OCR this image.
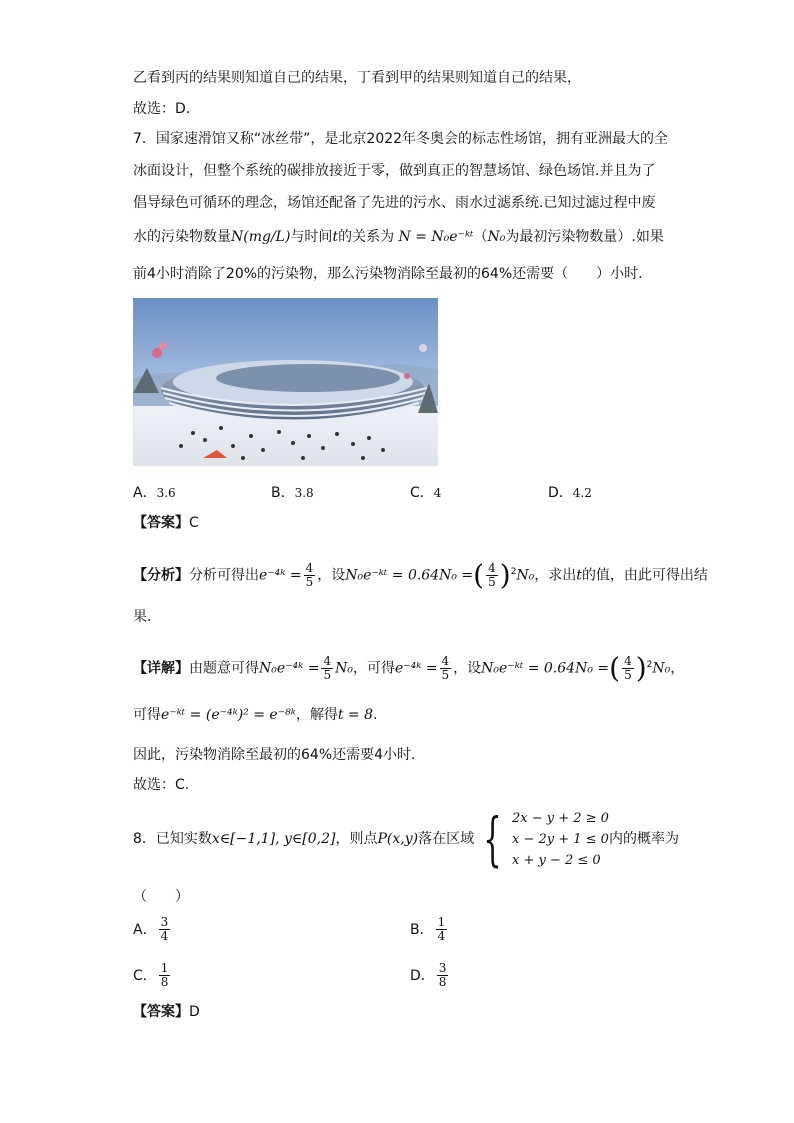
乙看到丙的结果则知道自己的结果，丁看到甲的结果则知道自己的结果，
故选：D.
7．国家速滑馆又称“冰丝带”，是北京2022年冬奥会的标志性场馆，拥有亚洲最大的全
冰面设计，但整个系统的碳排放接近于零，做到真正的智慧场馆、绿色场馆.并且为了
倡导绿色可循环的理念，场馆还配备了先进的污水、雨水过滤系统.已知过滤过程中废
水的污染物数量N(mg/L)与时间t的关系为 N = N₀e⁻ᵏᵗ（N₀为最初污染物数量）.如果
前4小时消除了20%的污染物，那么污染物消除至最初的64%还需要（　　）小时.
A．3.6	B．3.8	C．4	D．4.2
【答案】C
【分析】分析可得出e⁻⁴ᵏ = $\frac{4}{5}$ ，设N₀e⁻ᵏᵗ = 0.64N₀ =( $\frac{4}{5} )^2N_0$，求出t的值，由此可得出结
果.
【详解】由题意可得N₀e⁻⁴ᵏ = $\frac{4}{5} N_0$，可得e⁻⁴ᵏ = $\frac{4}{5}$ ，设N₀e⁻ᵏᵗ = 0.64N₀ =( $\frac{4}{5} )^2N_0$，
可得e⁻ᵏᵗ = (e⁻⁴ᵏ)² = e⁻⁸ᵏ，解得t = 8.
因此，污染物消除至最初的64%还需要4小时.
故选：C.
8．已知实数 x∈[−1,1], y∈[0,2] ，则点 P(x,y) 落在区域 { 2x − y + 2 ≥ 0
x − 2y + 1 ≤ 0
x + y − 2 ≤ 0
内的概率为
（　　）
A． $\frac{3}{4}$	B． $\frac{1}{4}$
C． $\frac{1}{8}$	D． $\frac{3}{8}$
【答案】D
